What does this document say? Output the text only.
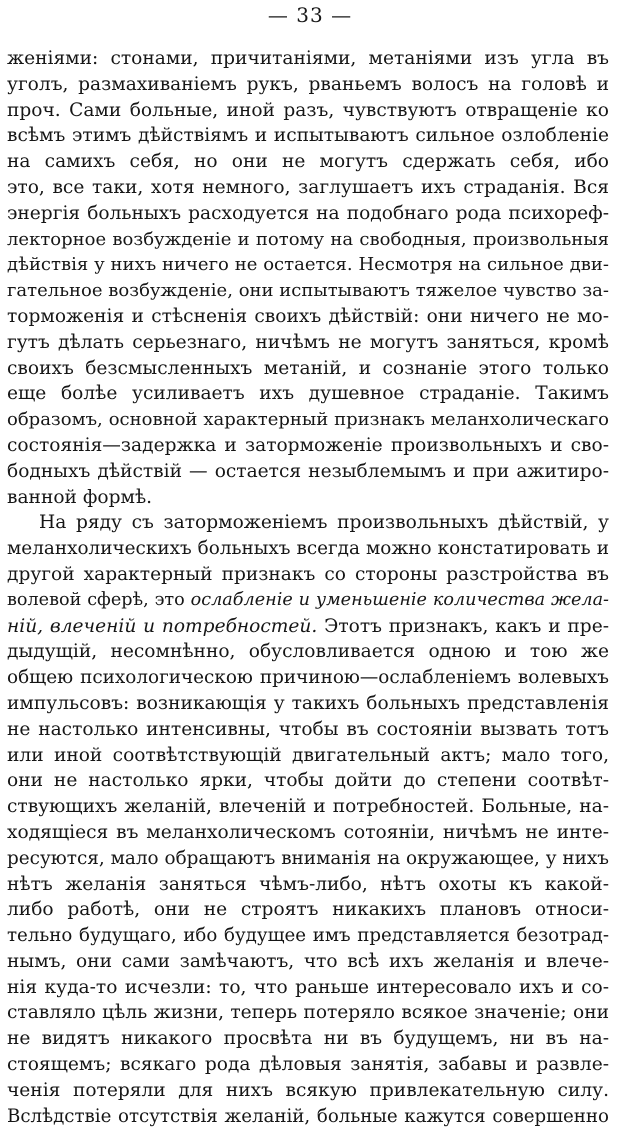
— 33 —
женіями: стонами, причитаніями, метаніями изъ угла въ
уголъ, размахиваніемъ рукъ, рваньемъ волосъ на головѣ и
проч. Сами больные, иной разъ, чувствуютъ отвращеніе ко
всѣмъ этимъ дѣйствіямъ и испытываютъ сильное озлобленіе
на самихъ себя, но они не могутъ сдержать себя, ибо
это, все таки, хотя немного, заглушаетъ ихъ страданія. Вся
энергія больныхъ расходуется на подобнаго рода психореф-
лекторное возбужденіе и потому на свободныя, произвольныя
дѣйствія у нихъ ничего не остается. Несмотря на сильное дви-
гательное возбужденіе, они испытываютъ тяжелое чувство за-
торможенія и стѣсненія своихъ дѣйствій: они ничего не мо-
гутъ дѣлать серьезнаго, ничѣмъ не могутъ заняться, кромѣ
своихъ безсмысленныхъ метаній, и сознаніе этого только
еще болѣе усиливаетъ ихъ душевное страданіе. Такимъ
образомъ, основной характерный признакъ меланхолическаго
состоянія—задержка и заторможеніе произвольныхъ и сво-
бодныхъ дѣйствій — остается незыблемымъ и при ажитиро-
ванной формѣ.
На ряду съ заторможеніемъ произвольныхъ дѣйствій, у
меланхолическихъ больныхъ всегда можно констатировать и
другой характерный признакъ со стороны разстройства въ
волевой сферѣ, это ослабленіе и уменьшеніе количества жела-
ній, влеченій и потребностей. Этотъ признакъ, какъ и пре-
дыдущій, несомнѣнно, обусловливается одною и тою же
общею психологическою причиною—ослабленіемъ волевыхъ
импульсовъ: возникающія у такихъ больныхъ представленія
не настолько интенсивны, чтобы въ состояніи вызвать тотъ
или иной соотвѣтствующій двигательный актъ; мало того,
они не настолько ярки, чтобы дойти до степени соотвѣт-
ствующихъ желаній, влеченій и потребностей. Больные, на-
ходящіеся въ меланхолическомъ сотояніи, ничѣмъ не инте-
ресуются, мало обращаютъ вниманія на окружающее, у нихъ
нѣтъ желанія заняться чѣмъ-либо, нѣтъ охоты къ какой-
либо работѣ, они не строятъ никакихъ плановъ относи-
тельно будущаго, ибо будущее имъ представляется безотрад-
нымъ, они сами замѣчаютъ, что всѣ ихъ желанія и влече-
нія куда-то исчезли: то, что раньше интересовало ихъ и со-
ставляло цѣль жизни, теперь потеряло всякое значеніе; они
не видятъ никакого просвѣта ни въ будущемъ, ни въ на-
стоящемъ; всякаго рода дѣловыя занятія, забавы и развле-
ченія потеряли для нихъ всякую привлекательную силу.
Вслѣдствіе отсутствія желаній, больные кажутся совершенно
